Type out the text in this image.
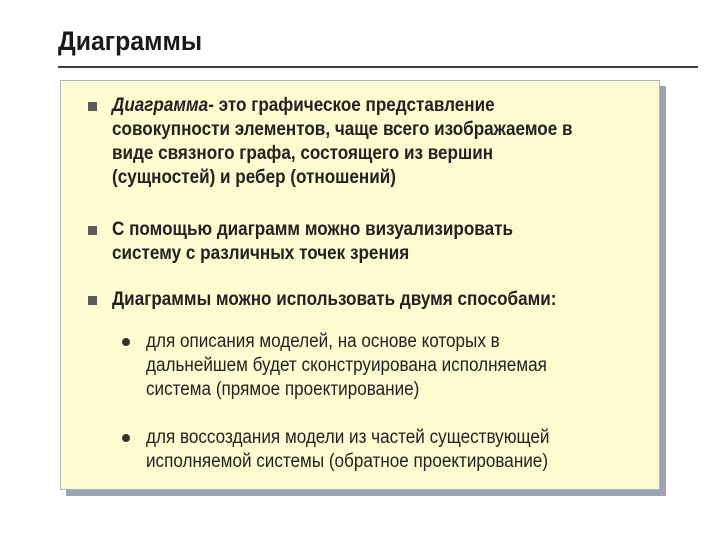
Диаграммы
Диаграмма- это графическое представление
совокупности элементов, чаще всего изображаемое в
виде связного графа, состоящего из вершин
(сущностей) и ребер (отношений)
С помощью диаграмм можно визуализировать
систему с различных точек зрения
Диаграммы можно использовать двумя способами:
для описания моделей, на основе которых в
дальнейшем будет сконструирована исполняемая
система (прямое проектирование)
для воссоздания модели из частей существующей
исполняемой системы (обратное проектирование)
